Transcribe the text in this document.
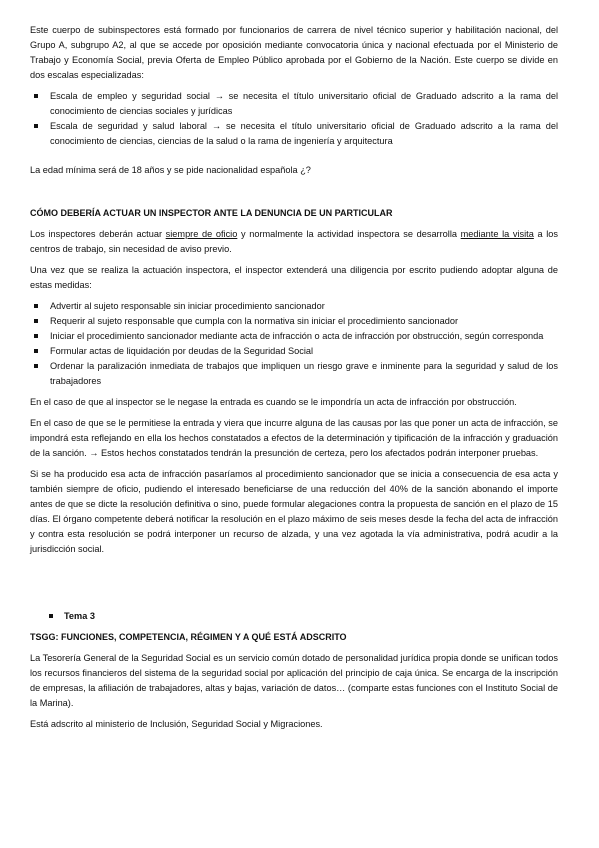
Este cuerpo de subinspectores está formado por funcionarios de carrera de nivel técnico superior y habilitación nacional, del Grupo A, subgrupo A2, al que se accede por oposición mediante convocatoria única y nacional efectuada por el Ministerio de Trabajo y Economía Social, previa Oferta de Empleo Público aprobada por el Gobierno de la Nación. Este cuerpo se divide en dos escalas especializadas:

Escala de empleo y seguridad social → se necesita el título universitario oficial de Graduado adscrito a la rama del conocimiento de ciencias sociales y jurídicas
Escala de seguridad y salud laboral → se necesita el título universitario oficial de Graduado adscrito a la rama del conocimiento de ciencias, ciencias de la salud o la rama de ingeniería y arquitectura

La edad mínima será de 18 años y se pide nacionalidad española ¿?

CÓMO DEBERÍA ACTUAR UN INSPECTOR ANTE LA DENUNCIA DE UN PARTICULAR

Los inspectores deberán actuar siempre de oficio y normalmente la actividad inspectora se desarrolla mediante la visita a los centros de trabajo, sin necesidad de aviso previo.

Una vez que se realiza la actuación inspectora, el inspector extenderá una diligencia por escrito pudiendo adoptar alguna de estas medidas:

Advertir al sujeto responsable sin iniciar procedimiento sancionador
Requerir al sujeto responsable que cumpla con la normativa sin iniciar el procedimiento sancionador
Iniciar el procedimiento sancionador mediante acta de infracción o acta de infracción por obstrucción, según corresponda
Formular actas de liquidación por deudas de la Seguridad Social
Ordenar la paralización inmediata de trabajos que impliquen un riesgo grave e inminente para la seguridad y salud de los trabajadores

En el caso de que al inspector se le negase la entrada es cuando se le impondría un acta de infracción por obstrucción.

En el caso de que se le permitiese la entrada y viera que incurre alguna de las causas por las que poner un acta de infracción, se impondrá esta reflejando en ella los hechos constatados a efectos de la determinación y tipificación de la infracción y graduación de la sanción. → Estos hechos constatados tendrán la presunción de certeza, pero los afectados podrán interponer pruebas.

Si se ha producido esa acta de infracción pasaríamos al procedimiento sancionador que se inicia a consecuencia de esa acta y también siempre de oficio, pudiendo el interesado beneficiarse de una reducción del 40% de la sanción abonando el importe antes de que se dicte la resolución definitiva o sino, puede formular alegaciones contra la propuesta de sanción en el plazo de 15 días. El órgano competente deberá notificar la resolución en el plazo máximo de seis meses desde la fecha del acta de infracción y contra esta resolución se podrá interponer un recurso de alzada, y una vez agotada la vía administrativa, podrá acudir a la jurisdicción social.

Tema 3

TSGG: FUNCIONES, COMPETENCIA, RÉGIMEN Y A QUÉ ESTÁ ADSCRITO

La Tesorería General de la Seguridad Social es un servicio común dotado de personalidad jurídica propia donde se unifican todos los recursos financieros del sistema de la seguridad social por aplicación del principio de caja única. Se encarga de la inscripción de empresas, la afiliación de trabajadores, altas y bajas, variación de datos… (comparte estas funciones con el Instituto Social de la Marina).

Está adscrito al ministerio de Inclusión, Seguridad Social y Migraciones.
